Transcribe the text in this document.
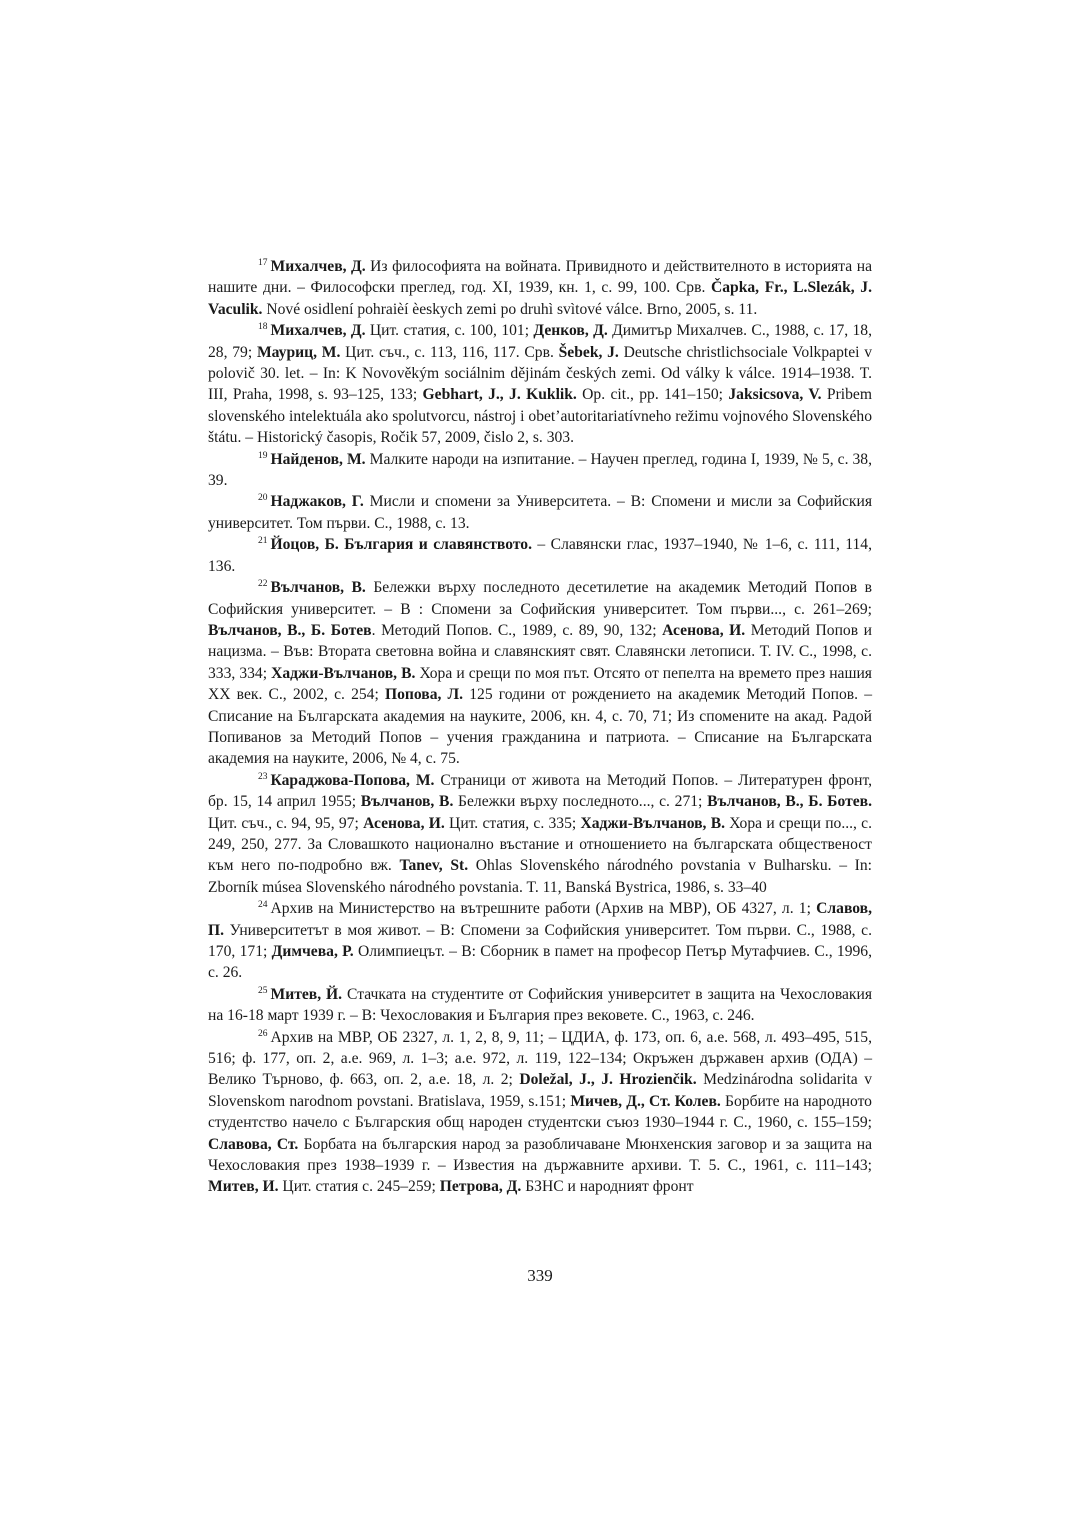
$^{17}$ Михалчев, Д. Из философията на войната. Привидното и действителното в историята на нашите дни. – Философски преглед, год. XI, 1939, кн. 1, с. 99, 100. Срв. Čapka, Fr., L.Slezák, J. Vaculik. Nové osidlení pohraièí èeskych zemi po druhì svìtové válce. Brno, 2005, s. 11.

$^{18}$ Михалчев, Д. Цит. статия, с. 100, 101; Денков, Д. Димитър Михалчев. С., 1988, с. 17, 18, 28, 79; Мауриц, М. Цит. съч., с. 113, 116, 117. Срв. Šebek, J. Deutsche christlichsociale Volkpaptei v polovič 30. let. – In: K Novověkým sociálnim dějinám českých zemi. Od války k válce. 1914–1938. T. III, Praha, 1998, s. 93–125, 133; Gebhart, J., J. Kuklik. Op. cit., pp. 141–150; Jaksicsova, V. Pribem slovenského intelektuála ako spolutvorcu, nástroj i obet’autoritariatívneho režimu vojnového Slovenského štátu. – Historický časopis, Ročik 57, 2009, čislo 2, s. 303.

$^{19}$ Найденов, М. Малките народи на изпитание. – Научен преглед, година I, 1939, № 5, с. 38, 39.

$^{20}$ Наджаков, Г. Мисли и спомени за Университета. – В: Спомени и мисли за Софийския университет. Том първи. С., 1988, с. 13.

$^{21}$ Йоцов, Б. България и славянството. – Славянски глас, 1937–1940, № 1–6, с. 111, 114, 136.

$^{22}$ Вълчанов, В. Бележки върху последното десетилетие на академик Методий Попов в Софийския университет. – В : Спомени за Софийския университет. Том първи..., с. 261–269; Вълчанов, В., Б. Ботев. Методий Попов. С., 1989, с. 89, 90, 132; Асенова, И. Методий Попов и нацизма. – Във: Втората световна война и славянският свят. Славянски летописи. Т. IV. С., 1998, с. 333, 334; Хаджи-Вълчанов, В. Хора и срещи по моя път. Отсято от пепелта на времето през нашия ХХ век. С., 2002, с. 254; Попова, Л. 125 години от рождението на академик Методий Попов. – Списание на Българската академия на науките, 2006, кн. 4, с. 70, 71; Из спомените на акад. Радой Попиванов за Методий Попов – учения гражданина и патриота. – Списание на Българската академия на науките, 2006, № 4, с. 75.

$^{23}$ Караджова-Попова, М. Страници от живота на Методий Попов. – Литературен фронт, бр. 15, 14 април 1955; Вълчанов, В. Бележки върху последното..., с. 271; Вълчанов, В., Б. Ботев. Цит. съч., с. 94, 95, 97; Асенова, И. Цит. статия, с. 335; Хаджи-Вълчанов, В. Хора и срещи по..., с. 249, 250, 277. За Словашкото национално въстание и отношението на българската общественост към него по-подробно вж. Tanev, St. Ohlas Slovenského národného povstania v Bulharsku. – In: Zborník músea Slovenského národného povstania. T. 11, Banská Bystrica, 1986, s. 33–40

$^{24}$ Архив на Министерство на вътрешните работи (Архив на МВР), ОБ 4327, л. 1; Славов, П. Университетът в моя живот. – В: Спомени за Софийския университет. Том първи. С., 1988, с. 170, 171; Димчева, Р. Олимпиецът. – В: Сборник в памет на професор Петър Мутафчиев. С., 1996, с. 26.

$^{25}$ Митев, Й. Стачката на студентите от Софийския университет в защита на Чехословакия на 16-18 март 1939 г. – В: Чехословакия и България през вековете. С., 1963, с. 246.

$^{26}$ Архив на МВР, ОБ 2327, л. 1, 2, 8, 9, 11; – ЦДИА, ф. 173, оп. 6, а.е. 568, л. 493–495, 515, 516; ф. 177, оп. 2, а.е. 969, л. 1–3; а.е. 972, л. 119, 122–134; Окръжен държавен архив (ОДА) – Велико Търново, ф. 663, оп. 2, а.е. 18, л. 2; Doležal, J., J. Hrozienčik. Medzinárodna solidarita v Slovenskom narodnom povstani. Bratislava, 1959, s.151; Мичев, Д., Ст. Колев. Борбите на народното студентство начело с Българския общ народен студентски съюз 1930–1944 г. С., 1960, с. 155–159; Славова, Ст. Борбата на българския народ за разобличаване Мюнхенския заговор и за защита на Чехословакия през 1938–1939 г. – Известия на държавните архиви. Т. 5. С., 1961, с. 111–143; Митев, И. Цит. статия с. 245–259; Петрова, Д. БЗНС и народният фронт

339
